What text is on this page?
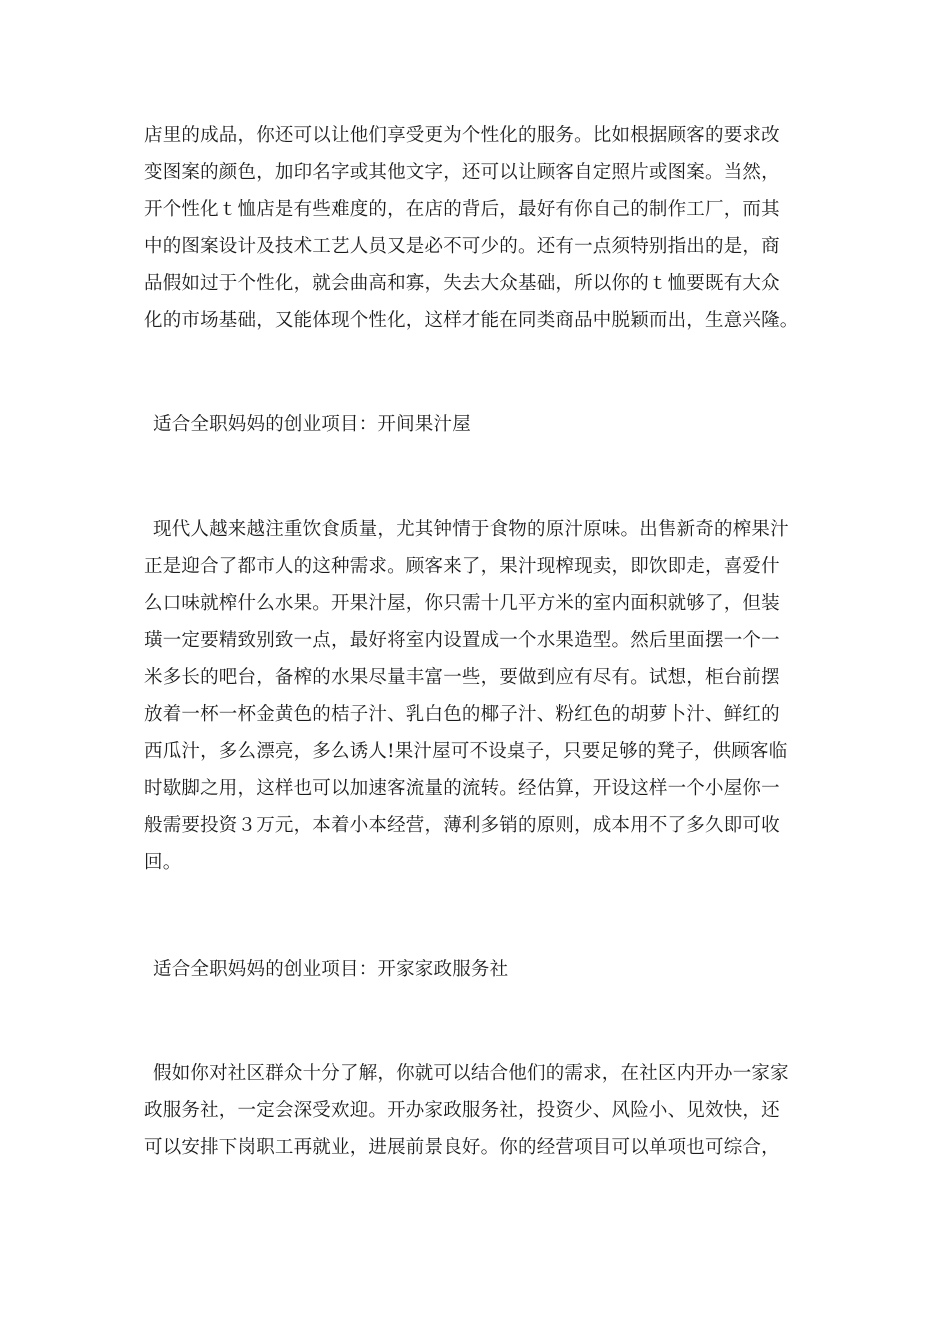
店里的成品，你还可以让他们享受更为个性化的服务。比如根据顾客的要求改
变图案的颜色，加印名字或其他文字，还可以让顾客自定照片或图案。当然，
开个性化ｔ恤店是有些难度的，在店的背后，最好有你自己的制作工厂，而其
中的图案设计及技术工艺人员又是必不可少的。还有一点须特别指出的是，商
品假如过于个性化，就会曲高和寡，失去大众基础，所以你的ｔ恤要既有大众
化的市场基础，又能体现个性化，这样才能在同类商品中脱颖而出，生意兴隆。
适合全职妈妈的创业项目：开间果汁屋
现代人越来越注重饮食质量，尤其钟情于食物的原汁原味。出售新奇的榨果汁
正是迎合了都市人的这种需求。顾客来了，果汁现榨现卖，即饮即走，喜爱什
么口味就榨什么水果。开果汁屋，你只需十几平方米的室内面积就够了，但装
璜一定要精致别致一点，最好将室内设置成一个水果造型。然后里面摆一个一
米多长的吧台，备榨的水果尽量丰富一些，要做到应有尽有。试想，柜台前摆
放着一杯一杯金黄色的桔子汁、乳白色的椰子汁、粉红色的胡萝卜汁、鲜红的
西瓜汁，多么漂亮，多么诱人!果汁屋可不设桌子，只要足够的凳子，供顾客临
时歇脚之用，这样也可以加速客流量的流转。经估算，开设这样一个小屋你一
般需要投资３万元，本着小本经营，薄利多销的原则，成本用不了多久即可收
回。
适合全职妈妈的创业项目：开家家政服务社
假如你对社区群众十分了解，你就可以结合他们的需求，在社区内开办一家家
政服务社，一定会深受欢迎。开办家政服务社，投资少、风险小、见效快，还
可以安排下岗职工再就业，进展前景良好。你的经营项目可以单项也可综合，
